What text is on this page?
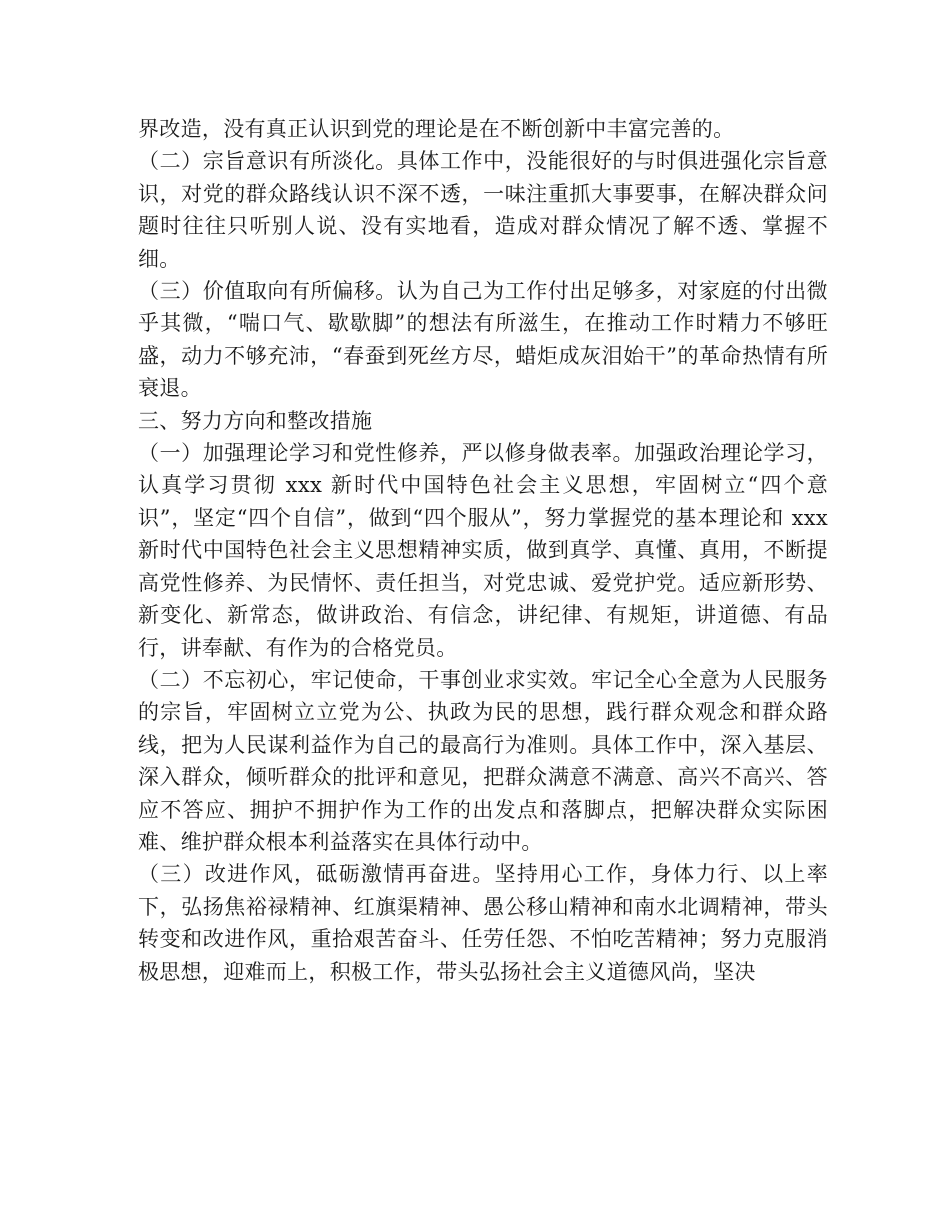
界改造，没有真正认识到党的理论是在不断创新中丰富完善的。

（二）宗旨意识有所淡化。具体工作中，没能很好的与时俱进强化宗旨意识，对党的群众路线认识不深不透，一味注重抓大事要事，在解决群众问题时往往只听别人说、没有实地看，造成对群众情况了解不透、掌握不细。

（三）价值取向有所偏移。认为自己为工作付出足够多，对家庭的付出微乎其微，“喘口气、歇歇脚”的想法有所滋生，在推动工作时精力不够旺盛，动力不够充沛，“春蚕到死丝方尽，蜡炬成灰泪始干”的革命热情有所衰退。

三、努力方向和整改措施

（一）加强理论学习和党性修养，严以修身做表率。加强政治理论学习，认真学习贯彻 xxx 新时代中国特色社会主义思想，牢固树立“四个意识”，坚定“四个自信”，做到“四个服从”，努力掌握党的基本理论和 xxx 新时代中国特色社会主义思想精神实质，做到真学、真懂、真用，不断提高党性修养、为民情怀、责任担当，对党忠诚、爱党护党。适应新形势、新变化、新常态，做讲政治、有信念，讲纪律、有规矩，讲道德、有品行，讲奉献、有作为的合格党员。

（二）不忘初心，牢记使命，干事创业求实效。牢记全心全意为人民服务的宗旨，牢固树立立党为公、执政为民的思想，践行群众观念和群众路线，把为人民谋利益作为自己的最高行为准则。具体工作中，深入基层、深入群众，倾听群众的批评和意见，把群众满意不满意、高兴不高兴、答应不答应、拥护不拥护作为工作的出发点和落脚点，把解决群众实际困难、维护群众根本利益落实在具体行动中。

（三）改进作风，砥砺激情再奋进。坚持用心工作，身体力行、以上率下，弘扬焦裕禄精神、红旗渠精神、愚公移山精神和南水北调精神，带头转变和改进作风，重拾艰苦奋斗、任劳任怨、不怕吃苦精神；努力克服消极思想，迎难而上，积极工作，带头弘扬社会主义道德风尚，坚决
